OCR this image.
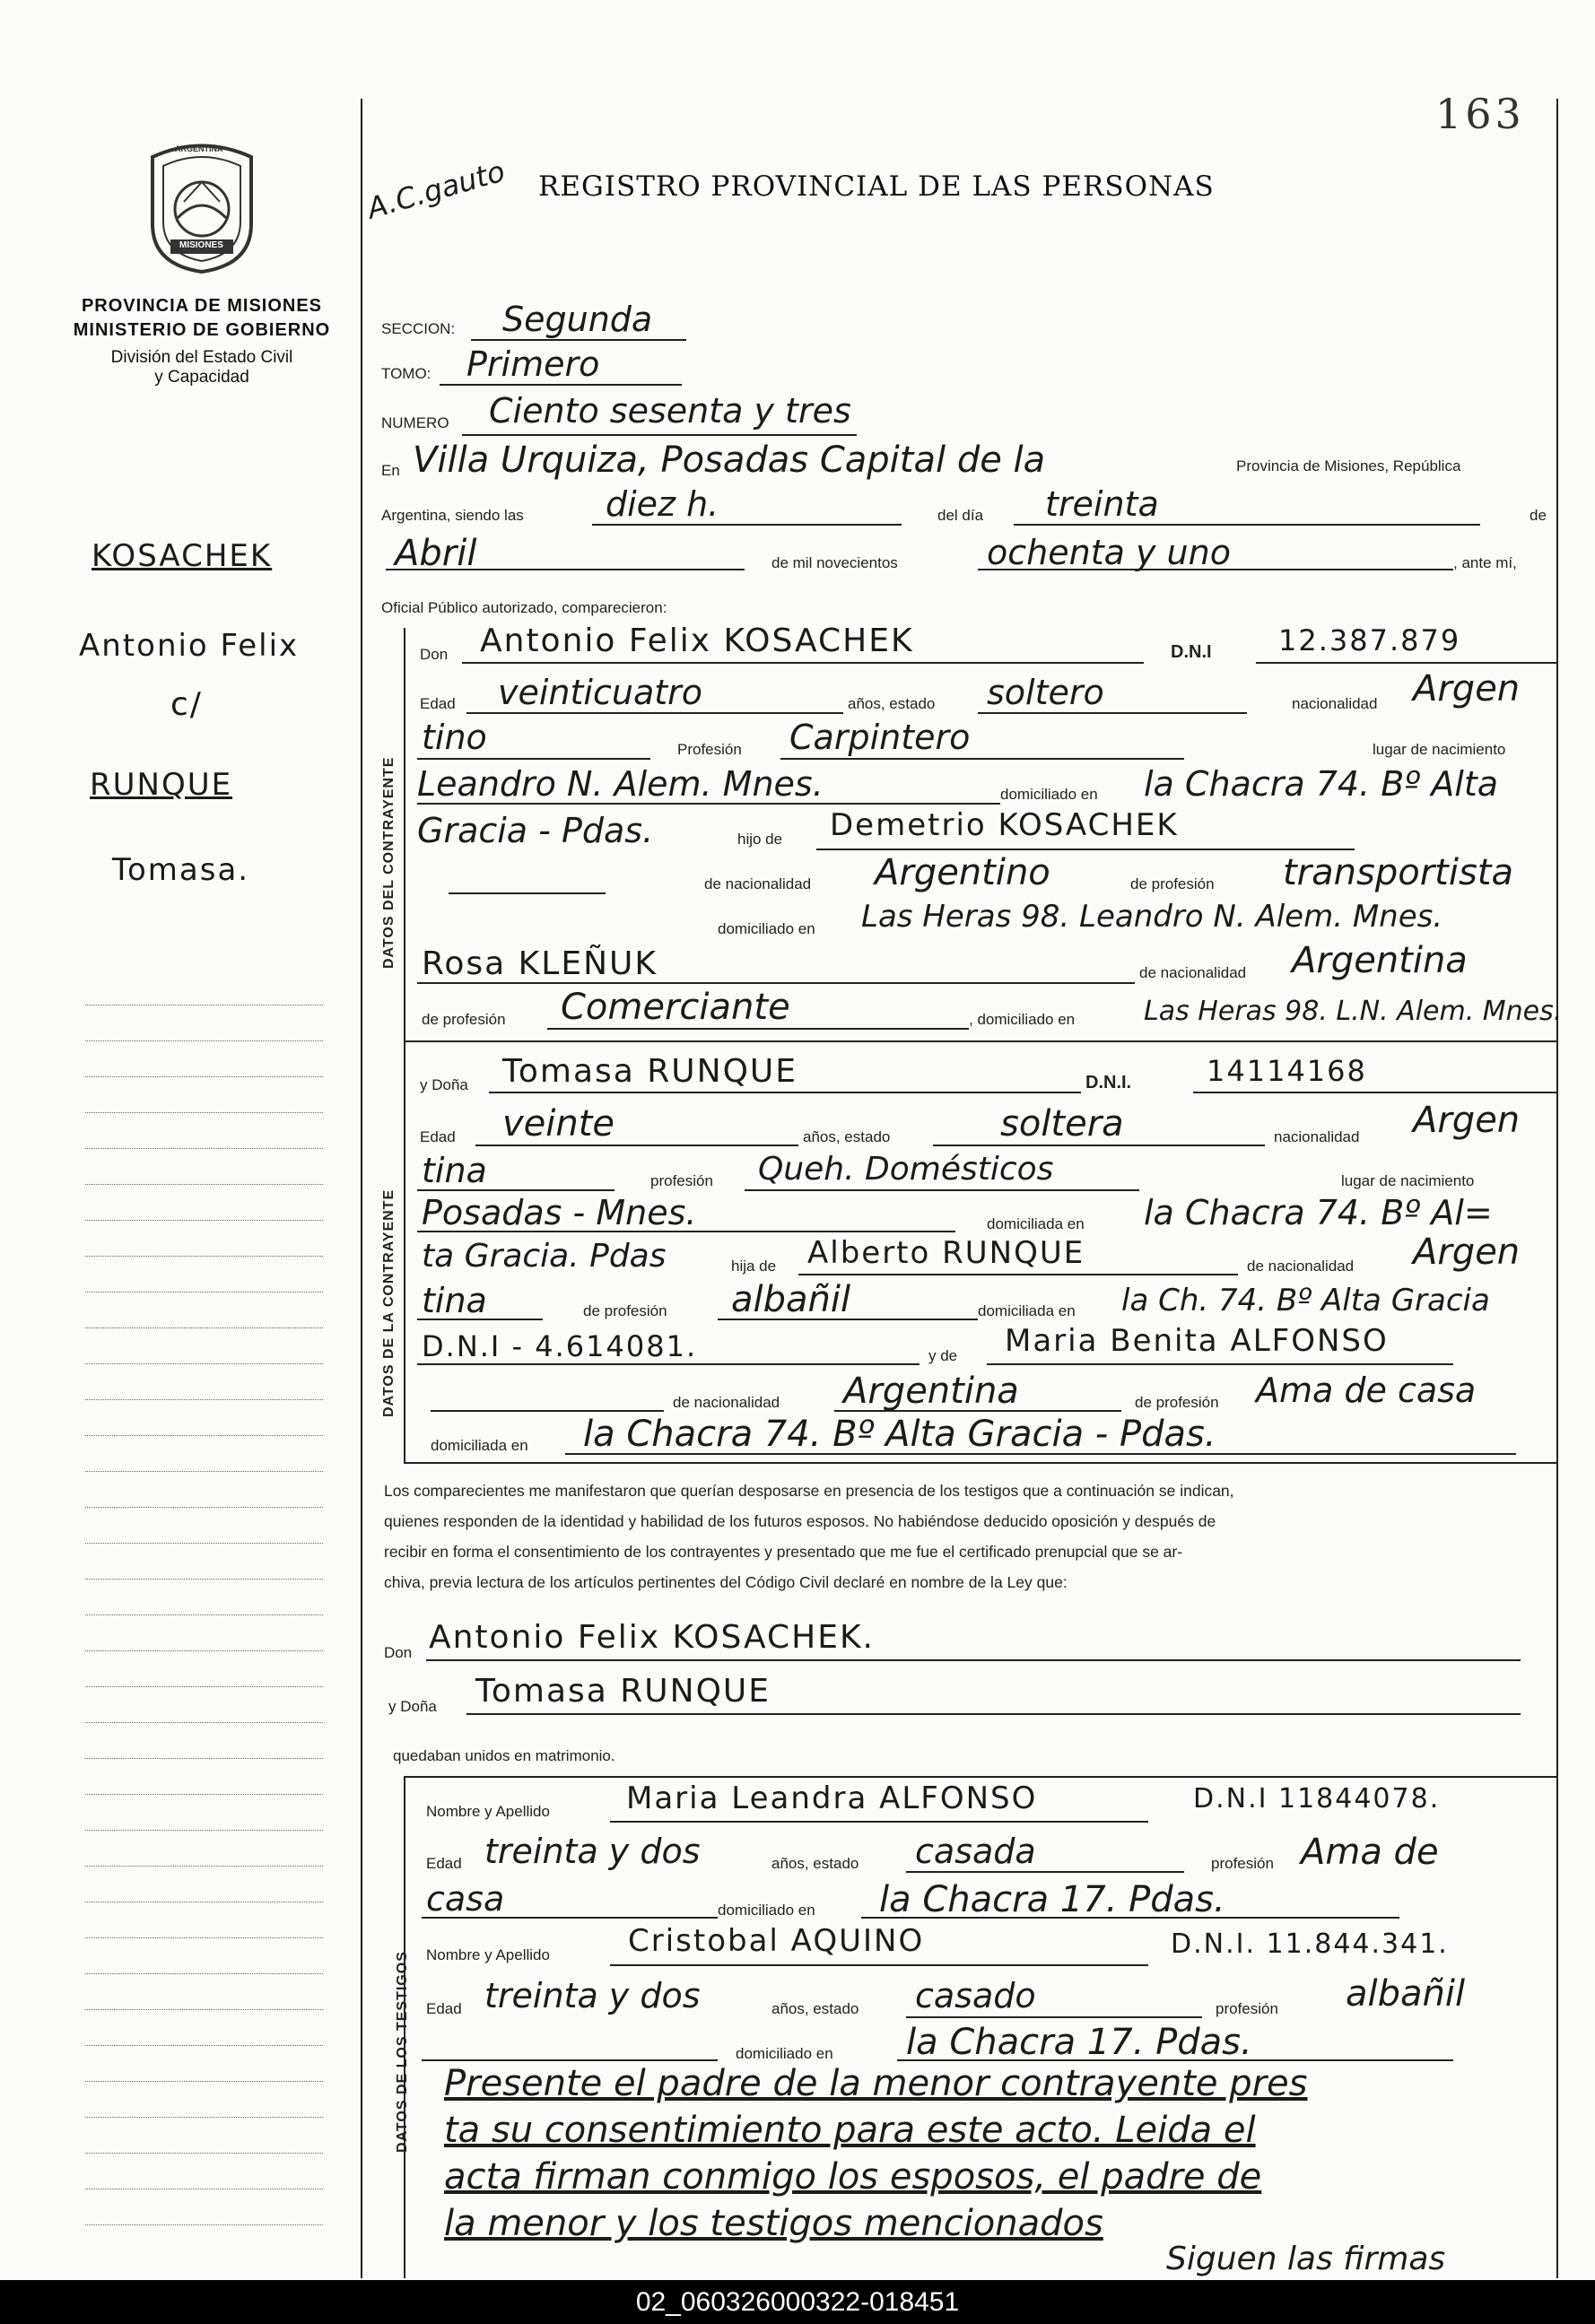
163
ARGENTINA
MISIONES
PROVINCIA DE MISIONES
MINISTERIO DE GOBIERNO
División del Estado Civil
y Capacidad
A.C.gauto
KOSACHEK
Antonio Felix
c/
RUNQUE
Tomasa.
REGISTRO PROVINCIAL DE LAS PERSONAS
SECCION: Segunda
TOMO: Primero
NUMERO Ciento sesenta y tres
En Villa Urquiza, Posadas Capital de la	Provincia de Misiones, República
Argentina, siendo las diez h.	del día treinta	de
Abril	de mil novecientos	ochenta y uno	, ante mí,
Oficial Público autorizado, comparecieron:
DATOS DEL CONTRAYENTE
Don Antonio Felix KOSACHEK	D.N.I 12.387.879
Edad veinticuatro	años, estado soltero	nacionalidad Argen
tino	Profesión Carpintero	lugar de nacimiento
Leandro N. Alem. Mnes.	domiciliado en la Chacra 74. Bº Alta
Gracia - Pdas.	hijo de Demetrio KOSACHEK
de nacionalidad Argentino	de profesión transportista
domiciliado en Las Heras 98. Leandro N. Alem. Mnes.
Rosa KLEÑUK	de nacionalidad Argentina
de profesión Comerciante	, domiciliado en	Las Heras 98. L.N. Alem. Mnes.
DATOS DE LA CONTRAYENTE
y Doña Tomasa RUNQUE	D.N.I.	14114168
Edad veinte	años, estado	soltera	nacionalidad Argen
tina	profesión Queh. Domésticos	lugar de nacimiento
Posadas - Mnes.	domiciliada en la Chacra 74. Bº Al=
ta Gracia. Pdas	hija de Alberto RUNQUE	de nacionalidad Argen
tina	de profesión albañil	domiciliada en la Ch. 74. Bº Alta Gracia
D.N.I - 4.614081.	y de Maria Benita ALFONSO
de nacionalidad Argentina	de profesión Ama de casa
domiciliada en la Chacra 74. Bº Alta Gracia - Pdas.
Los comparecientes me manifestaron que querían desposarse en presencia de los testigos que a continuación se indican,
quienes responden de la identidad y habilidad de los futuros esposos. No habiéndose deducido oposición y después de
recibir en forma el consentimiento de los contrayentes y presentado que me fue el certificado prenupcial que se ar-
chiva, previa lectura de los artículos pertinentes del Código Civil declaré en nombre de la Ley que:
Don Antonio Felix KOSACHEK.
y Doña Tomasa RUNQUE
quedaban unidos en matrimonio.
DATOS DE LOS TESTIGOS
Nombre y Apellido	Maria Leandra ALFONSO	D.N.I 11844078.
Edad treinta y dos	años, estado casada	profesión Ama de
casa	domiciliado en la Chacra 17. Pdas.
Nombre y Apellido	Cristobal AQUINO	D.N.I. 11.844.341.
Edad treinta y dos	años, estado casado	profesión albañil
domiciliado en la Chacra 17. Pdas.
Presente el padre de la menor contrayente pres
ta su consentimiento para este acto. Leida el
acta firman conmigo los esposos, el padre de
la menor y los testigos mencionados
Siguen las firmas
02_060326000322-018451
